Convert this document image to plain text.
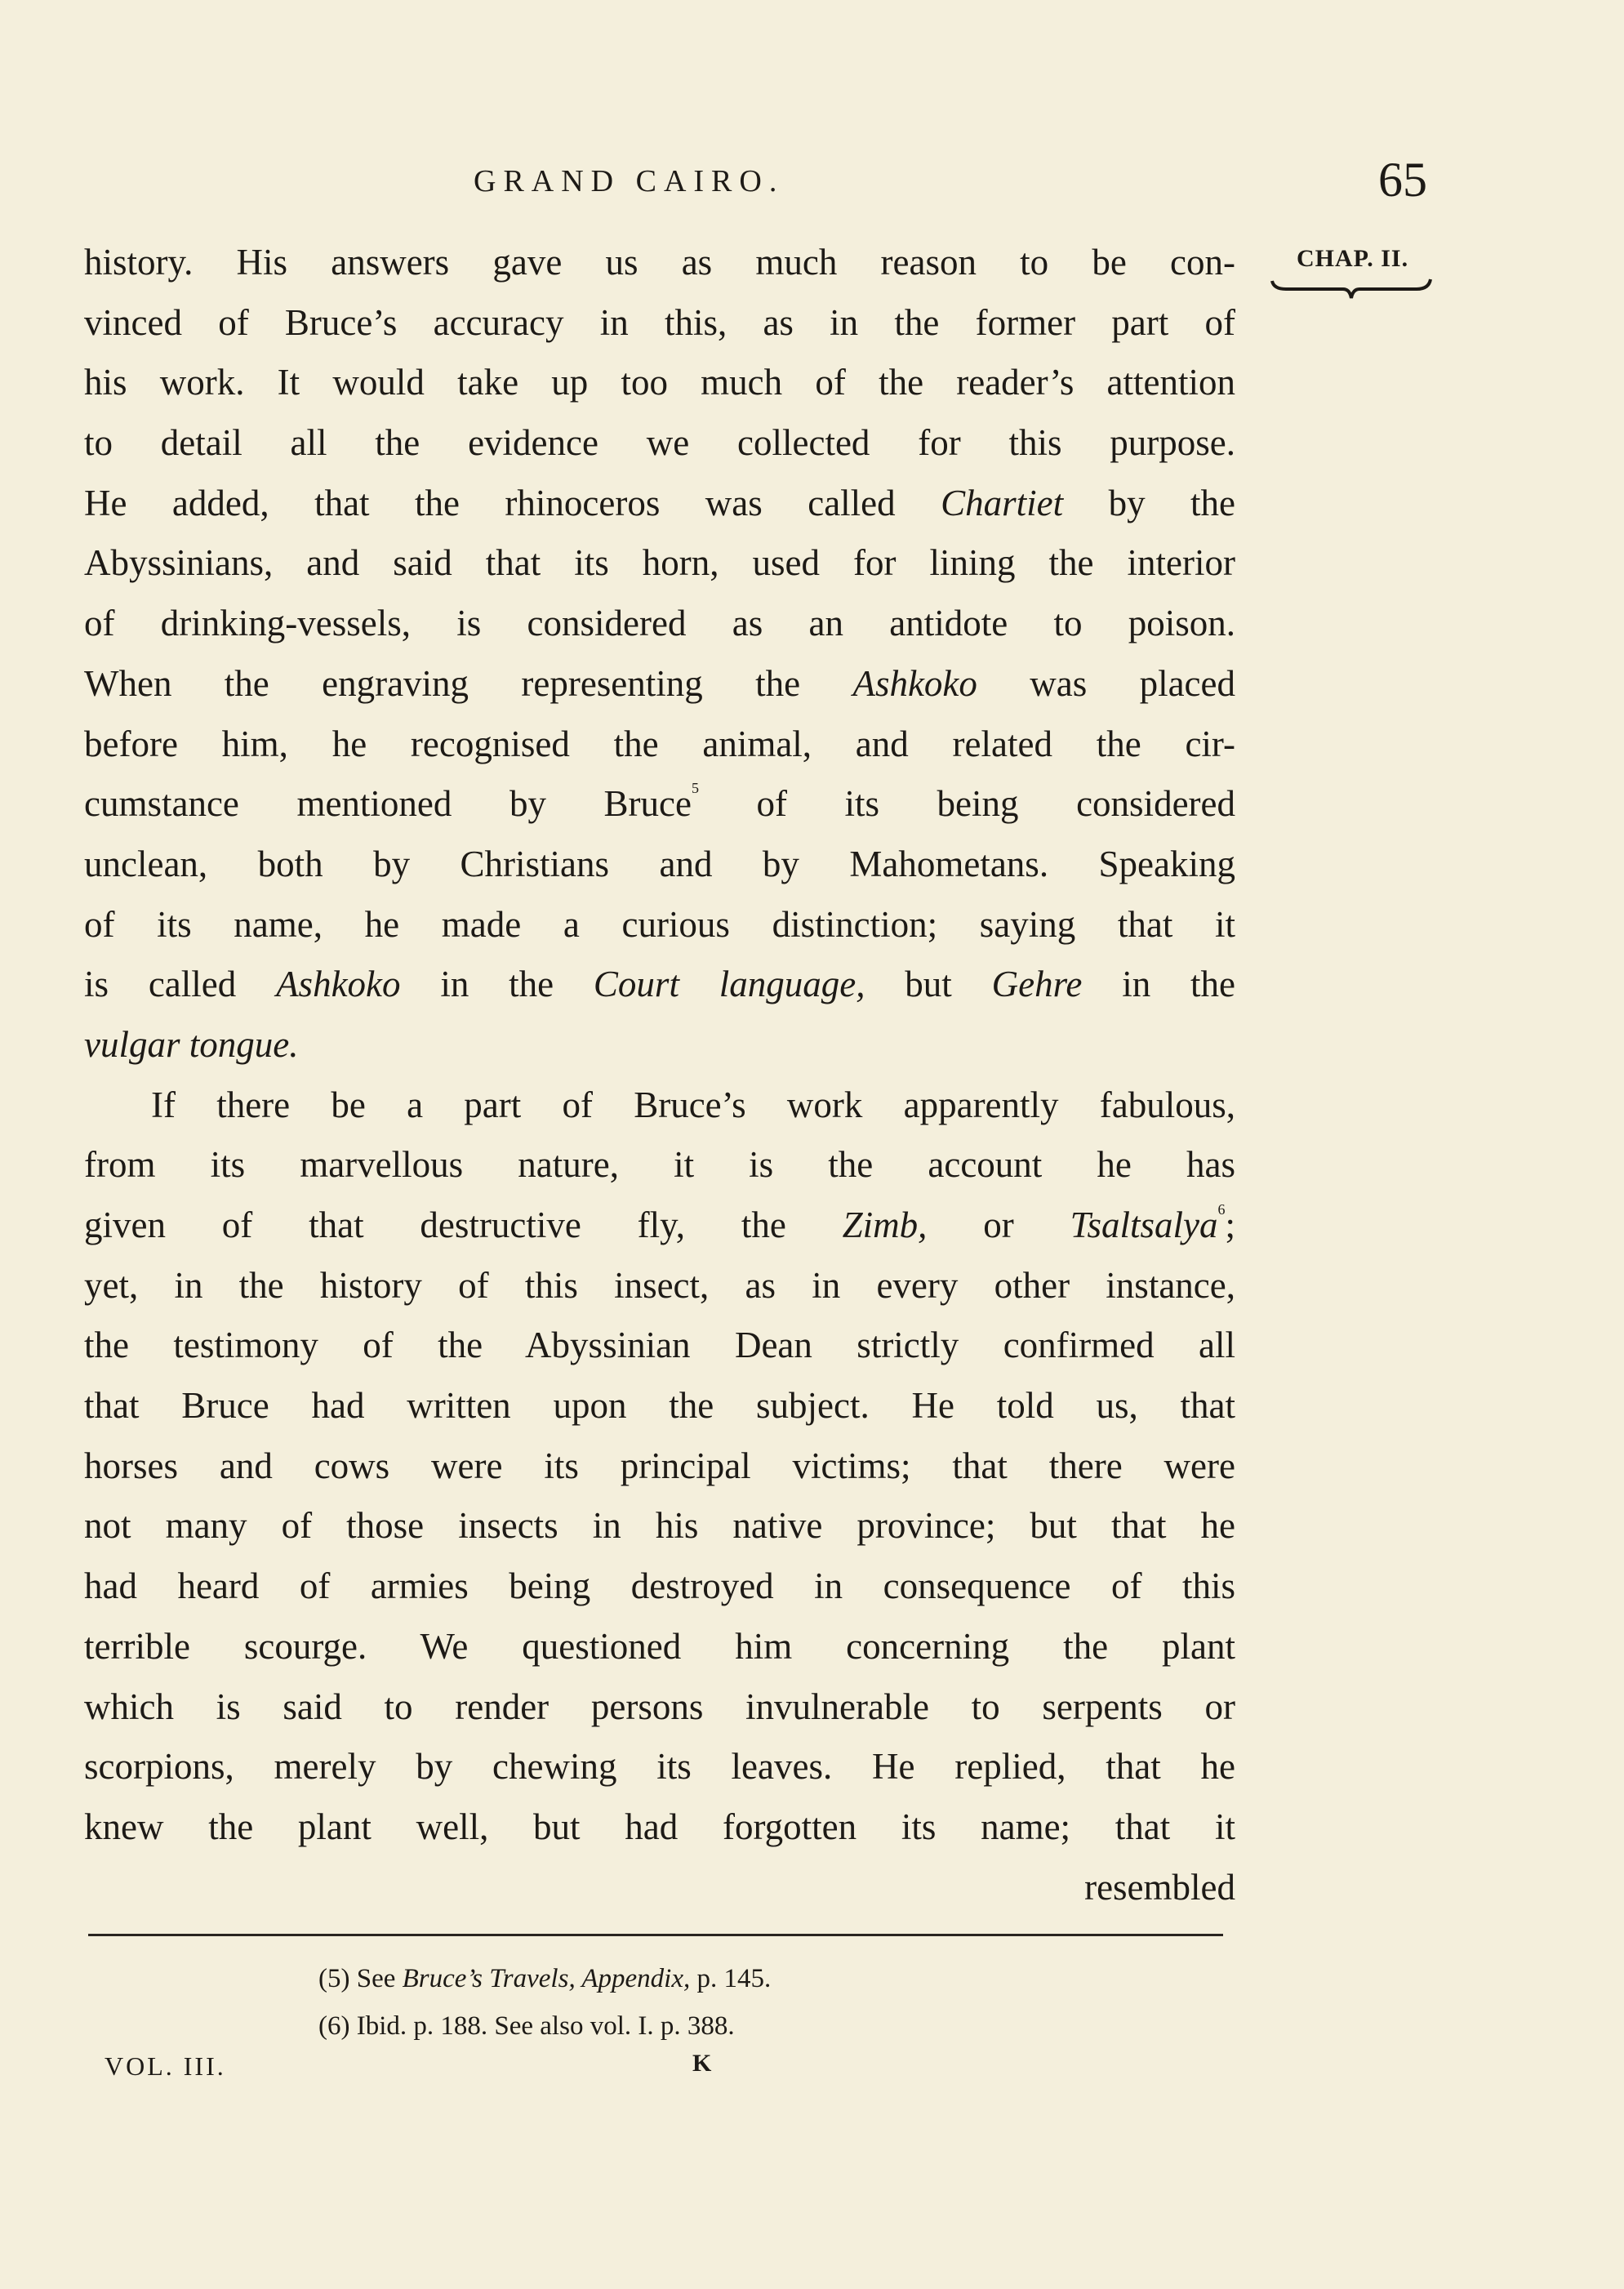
GRAND CAIRO.	65
CHAP. II.
history. His answers gave us as much reason to be con-
vinced of Bruce’s accuracy in this, as in the former part of
his work. It would take up too much of the reader’s attention
to detail all the evidence we collected for this purpose.
He added, that the rhinoceros was called Chartiet by the
Abyssinians, and said that its horn, used for lining the interior
of drinking-vessels, is considered as an antidote to poison.
When the engraving representing the Ashkoko was placed
before him, he recognised the animal, and related the cir-
cumstance mentioned by Bruce$^5$ of its being considered
unclean, both by Christians and by Mahometans. Speaking
of its name, he made a curious distinction; saying that it
is called Ashkoko in the Court language, but Gehre in the
vulgar tongue.
If there be a part of Bruce’s work apparently fabulous,
from its marvellous nature, it is the account he has
given of that destructive fly, the Zimb, or Tsaltsalya$^6$;
yet, in the history of this insect, as in every other instance,
the testimony of the Abyssinian Dean strictly confirmed all
that Bruce had written upon the subject. He told us, that
horses and cows were its principal victims; that there were
not many of those insects in his native province; but that he
had heard of armies being destroyed in consequence of this
terrible scourge. We questioned him concerning the plant
which is said to render persons invulnerable to serpents or
scorpions, merely by chewing its leaves. He replied, that he
knew the plant well, but had forgotten its name; that it
resembled
(5) See Bruce’s Travels, Appendix, p. 145.
(6) Ibid. p. 188. See also vol. I. p. 388.
VOL. III.	K
